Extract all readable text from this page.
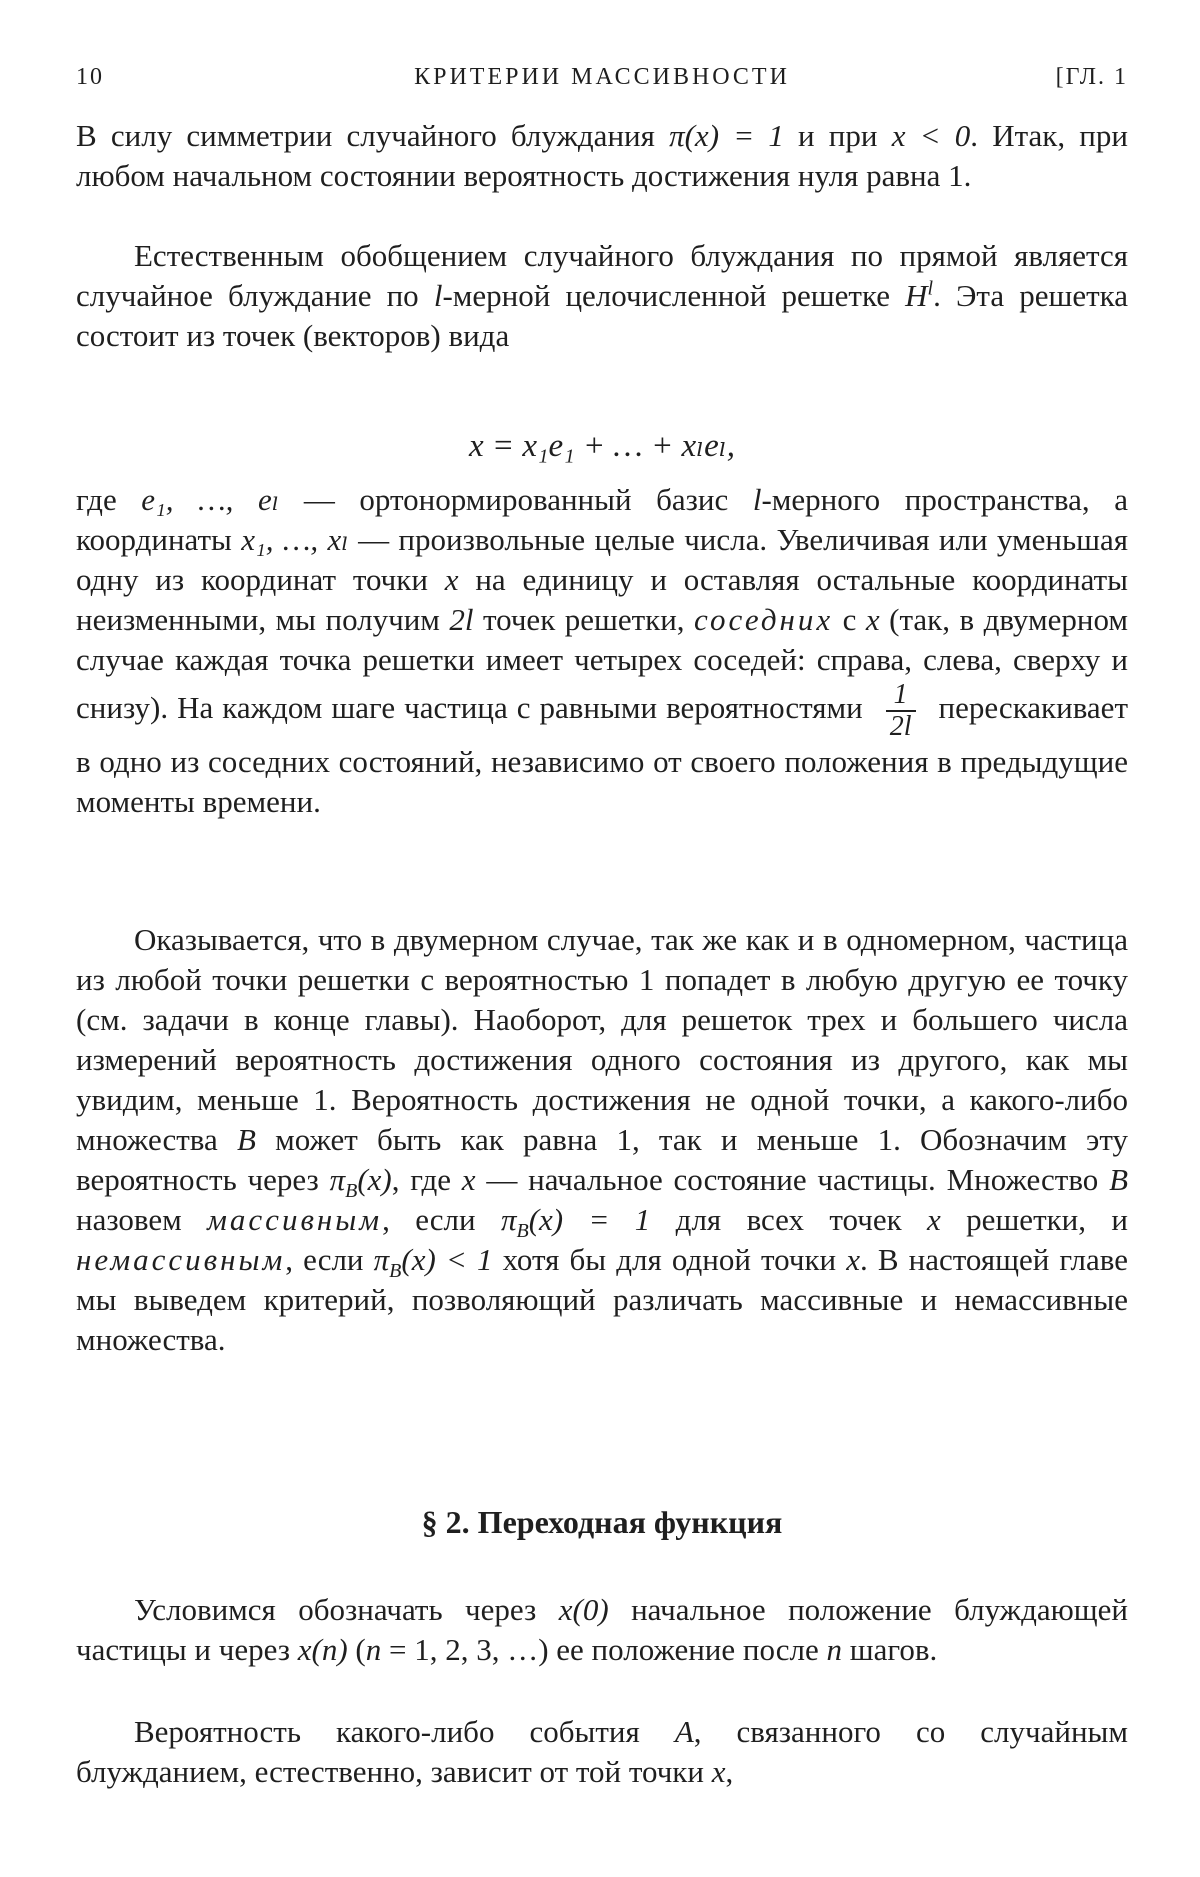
10	КРИТЕРИИ МАССИВНОСТИ	[ГЛ. 1

В силу симметрии случайного блуждания π(x) = 1 и при x < 0. Итак, при любом начальном состоянии вероятность достижения нуля равна 1.

Естественным обобщением случайного блуждания по прямой является случайное блуждание по l-мерной целочисленной решетке $H^l$. Эта решетка состоит из точек (векторов) вида

x = x₁e₁ + … + xₗeₗ,

где e₁, …, eₗ — ортонормированный базис l-мерного пространства, а координаты x₁, …, xₗ — произвольные целые числа. Увеличивая или уменьшая одну из координат точки x на единицу и оставляя остальные координаты неизменными, мы получим 2l точек решетки, соседних с x (так, в двумерном случае каждая точка решетки имеет четырех соседей: справа, слева, сверху и снизу). На каждом шаге частица с равными вероятностями $\frac{1}{2l}$ перескакивает в одно из соседних состояний, независимо от своего положения в предыдущие моменты времени.

Оказывается, что в двумерном случае, так же как и в одномерном, частица из любой точки решетки с вероятностью 1 попадет в любую другую ее точку (см. задачи в конце главы). Наоборот, для решеток трех и большего числа измерений вероятность достижения одного состояния из другого, как мы увидим, меньше 1. Вероятность достижения не одной точки, а какого-либо множества B может быть как равна 1, так и меньше 1. Обозначим эту вероятность через $\pi_B(x)$, где x — начальное состояние частицы. Множество B назовем массивным, если $\pi_B(x) = 1$ для всех точек x решетки, и немассивным, если $\pi_B(x) < 1$ хотя бы для одной точки x. В настоящей главе мы выведем критерий, позволяющий различать массивные и немассивные множества.

§ 2. Переходная функция

Условимся обозначать через x(0) начальное положение блуждающей частицы и через x(n) (n = 1, 2, 3, …) ее положение после n шагов.

Вероятность какого-либо события A, связанного со случайным блужданием, естественно, зависит от той точки x,
